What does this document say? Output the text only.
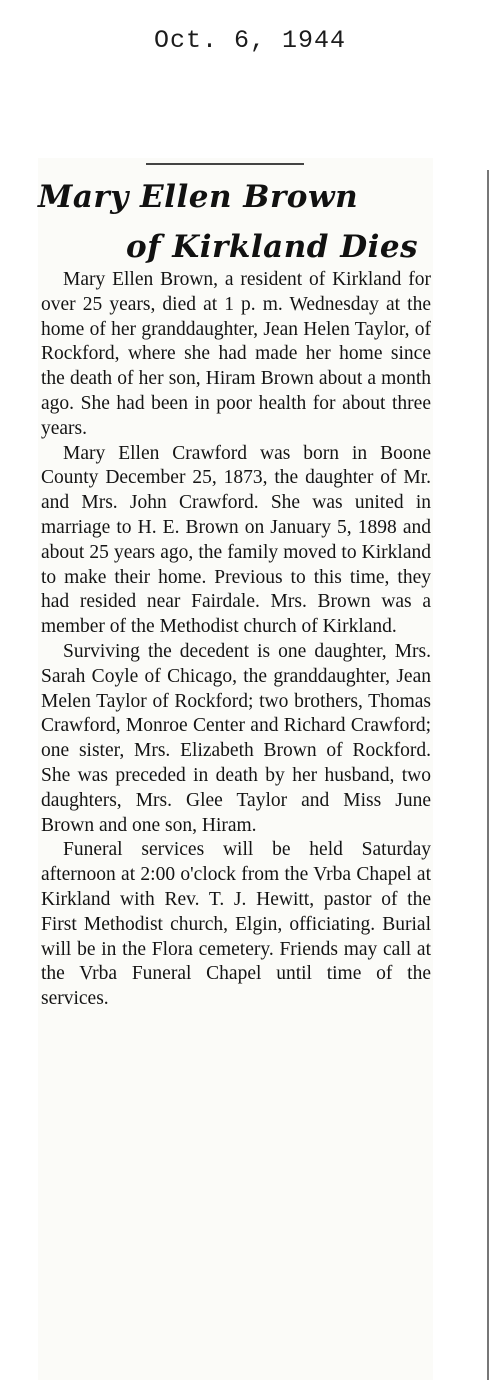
Oct. 6, 1944
Mary Ellen Brown
of Kirkland Dies

Mary Ellen Brown, a resident of Kirkland for over 25 years, died at 1 p. m. Wednesday at the home of her granddaughter, Jean Helen Taylor, of Rockford, where she had made her home since the death of her son, Hiram Brown about a month ago. She had been in poor health for about three years.

Mary Ellen Crawford was born in Boone County December 25, 1873, the daughter of Mr. and Mrs. John Crawford. She was united in marriage to H. E. Brown on January 5, 1898 and about 25 years ago, the family moved to Kirkland to make their home. Previous to this time, they had resided near Fairdale. Mrs. Brown was a member of the Methodist church of Kirkland.

Surviving the decedent is one daughter, Mrs. Sarah Coyle of Chicago, the granddaughter, Jean Melen Taylor of Rockford; two brothers, Thomas Crawford, Monroe Center and Richard Crawford; one sister, Mrs. Elizabeth Brown of Rockford. She was preceded in death by her husband, two daughters, Mrs. Glee Taylor and Miss June Brown and one son, Hiram.

Funeral services will be held Saturday afternoon at 2:00 o'clock from the Vrba Chapel at Kirkland with Rev. T. J. Hewitt, pastor of the First Methodist church, Elgin, officiating. Burial will be in the Flora cemetery. Friends may call at the Vrba Funeral Chapel until time of the services.
